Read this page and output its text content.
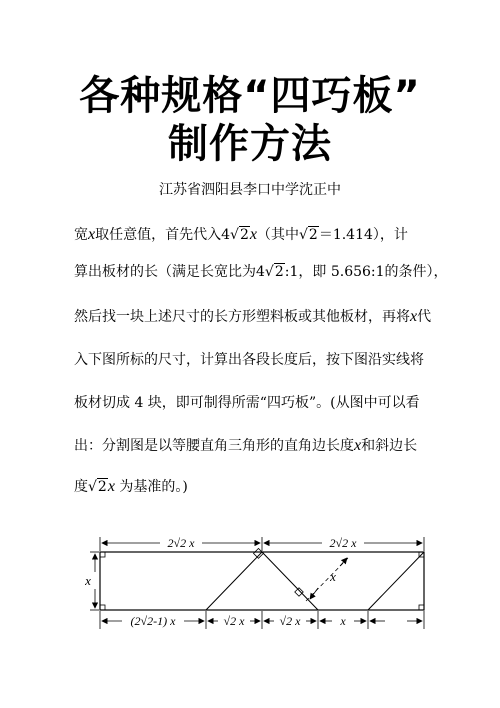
各种规格“四巧板”
制作方法
江苏省泗阳县李口中学沈正中
宽x取任意值，首先代入4√2x（其中√2＝1.414），计
算出板材的长（满足长宽比为4√2:1，即 5.656:1的条件），
然后找一块上述尺寸的长方形塑料板或其他板材，再将x代
入下图所标的尺寸，计算出各段长度后，按下图沿实线将
板材切成 4 块，即可制得所需“四巧板”。(从图中可以看
出：分割图是以等腰直角三角形的直角边长度x和斜边长
度√2x 为基准的。)
2√2 x	2√2 x
x	x
(2√2-1) x	√2 x	√2 x	x
